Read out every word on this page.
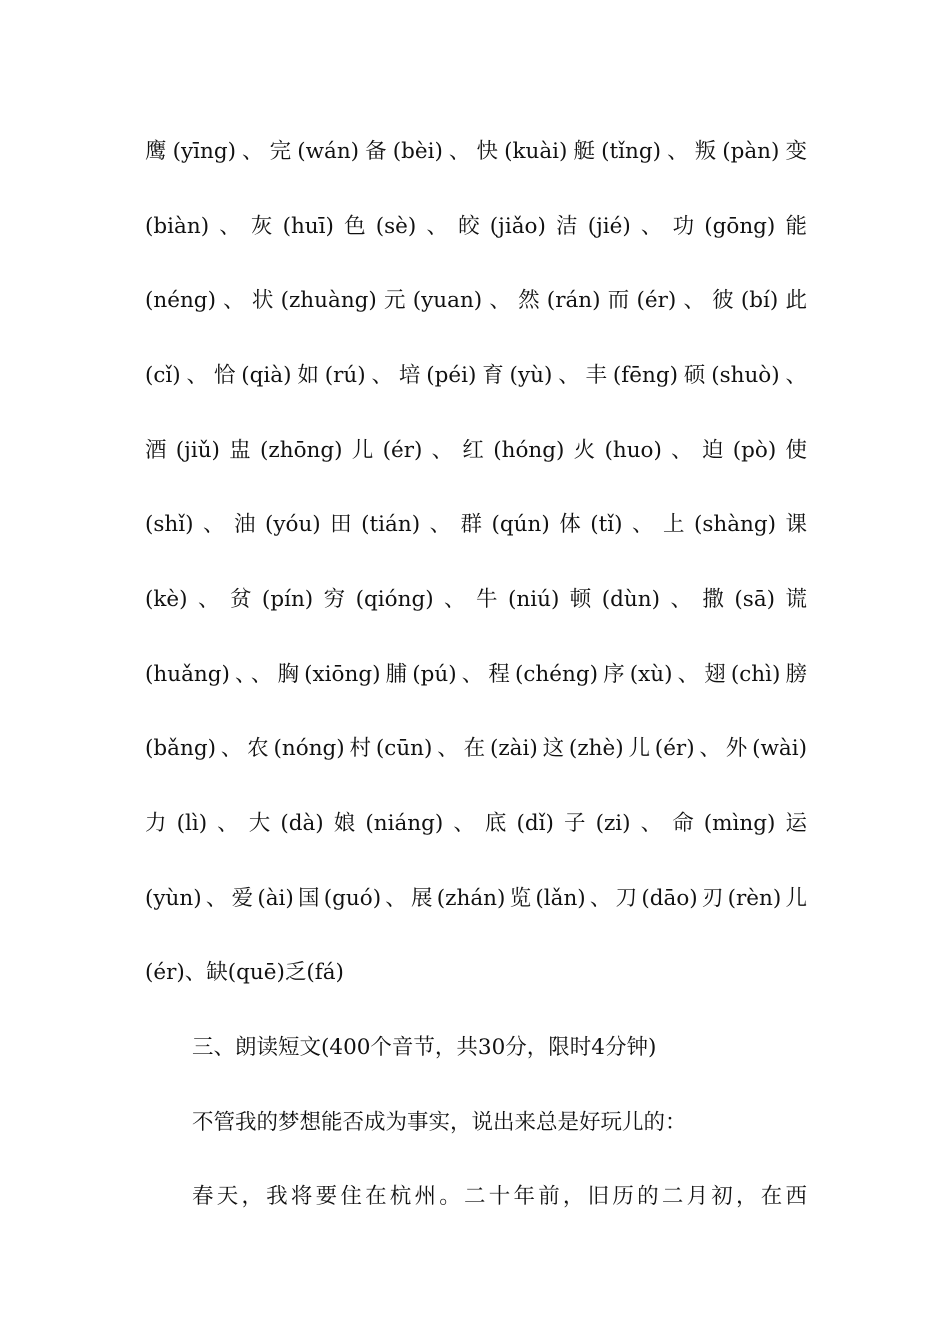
鹰(yīng)、完(wán)备(bèi)、快(kuài)艇(tǐng)、叛(pàn)变
(biàn)、灰(huī)色(sè)、皎(jiǎo)洁(jié)、功(gōng)能
(néng)、状(zhuàng)元(yuan)、然(rán)而(ér)、彼(bí)此
(cǐ)、恰(qià)如(rú)、培(péi)育(yù)、丰(fēng)硕(shuò)、
酒(jiǔ)盅(zhōng)儿(ér)、红(hóng)火(huo)、迫(pò)使
(shǐ)、油(yóu)田(tián)、群(qún)体(tǐ)、上(shàng)课
(kè)、贫(pín)穷(qióng)、牛(niú)顿(dùn)、撒(sā)谎
(huǎng)、、胸(xiōng)脯(pú)、程(chéng)序(xù)、翅(chì)膀
(bǎng)、农(nóng)村(cūn)、在(zài)这(zhè)儿(ér)、外(wài)
力(lì)、大(dà)娘(niáng)、底(dǐ)子(zi)、命(mìng)运
(yùn)、爱(ài)国(guó)、展(zhán)览(lǎn)、刀(dāo)刃(rèn)儿
(ér)、缺(quē)乏(fá)
三、朗读短文(400个音节，共30分，限时4分钟)
不管我的梦想能否成为事实，说出来总是好玩儿的：
春天，我将要住在杭州。二十年前，旧历的二月初，在西
